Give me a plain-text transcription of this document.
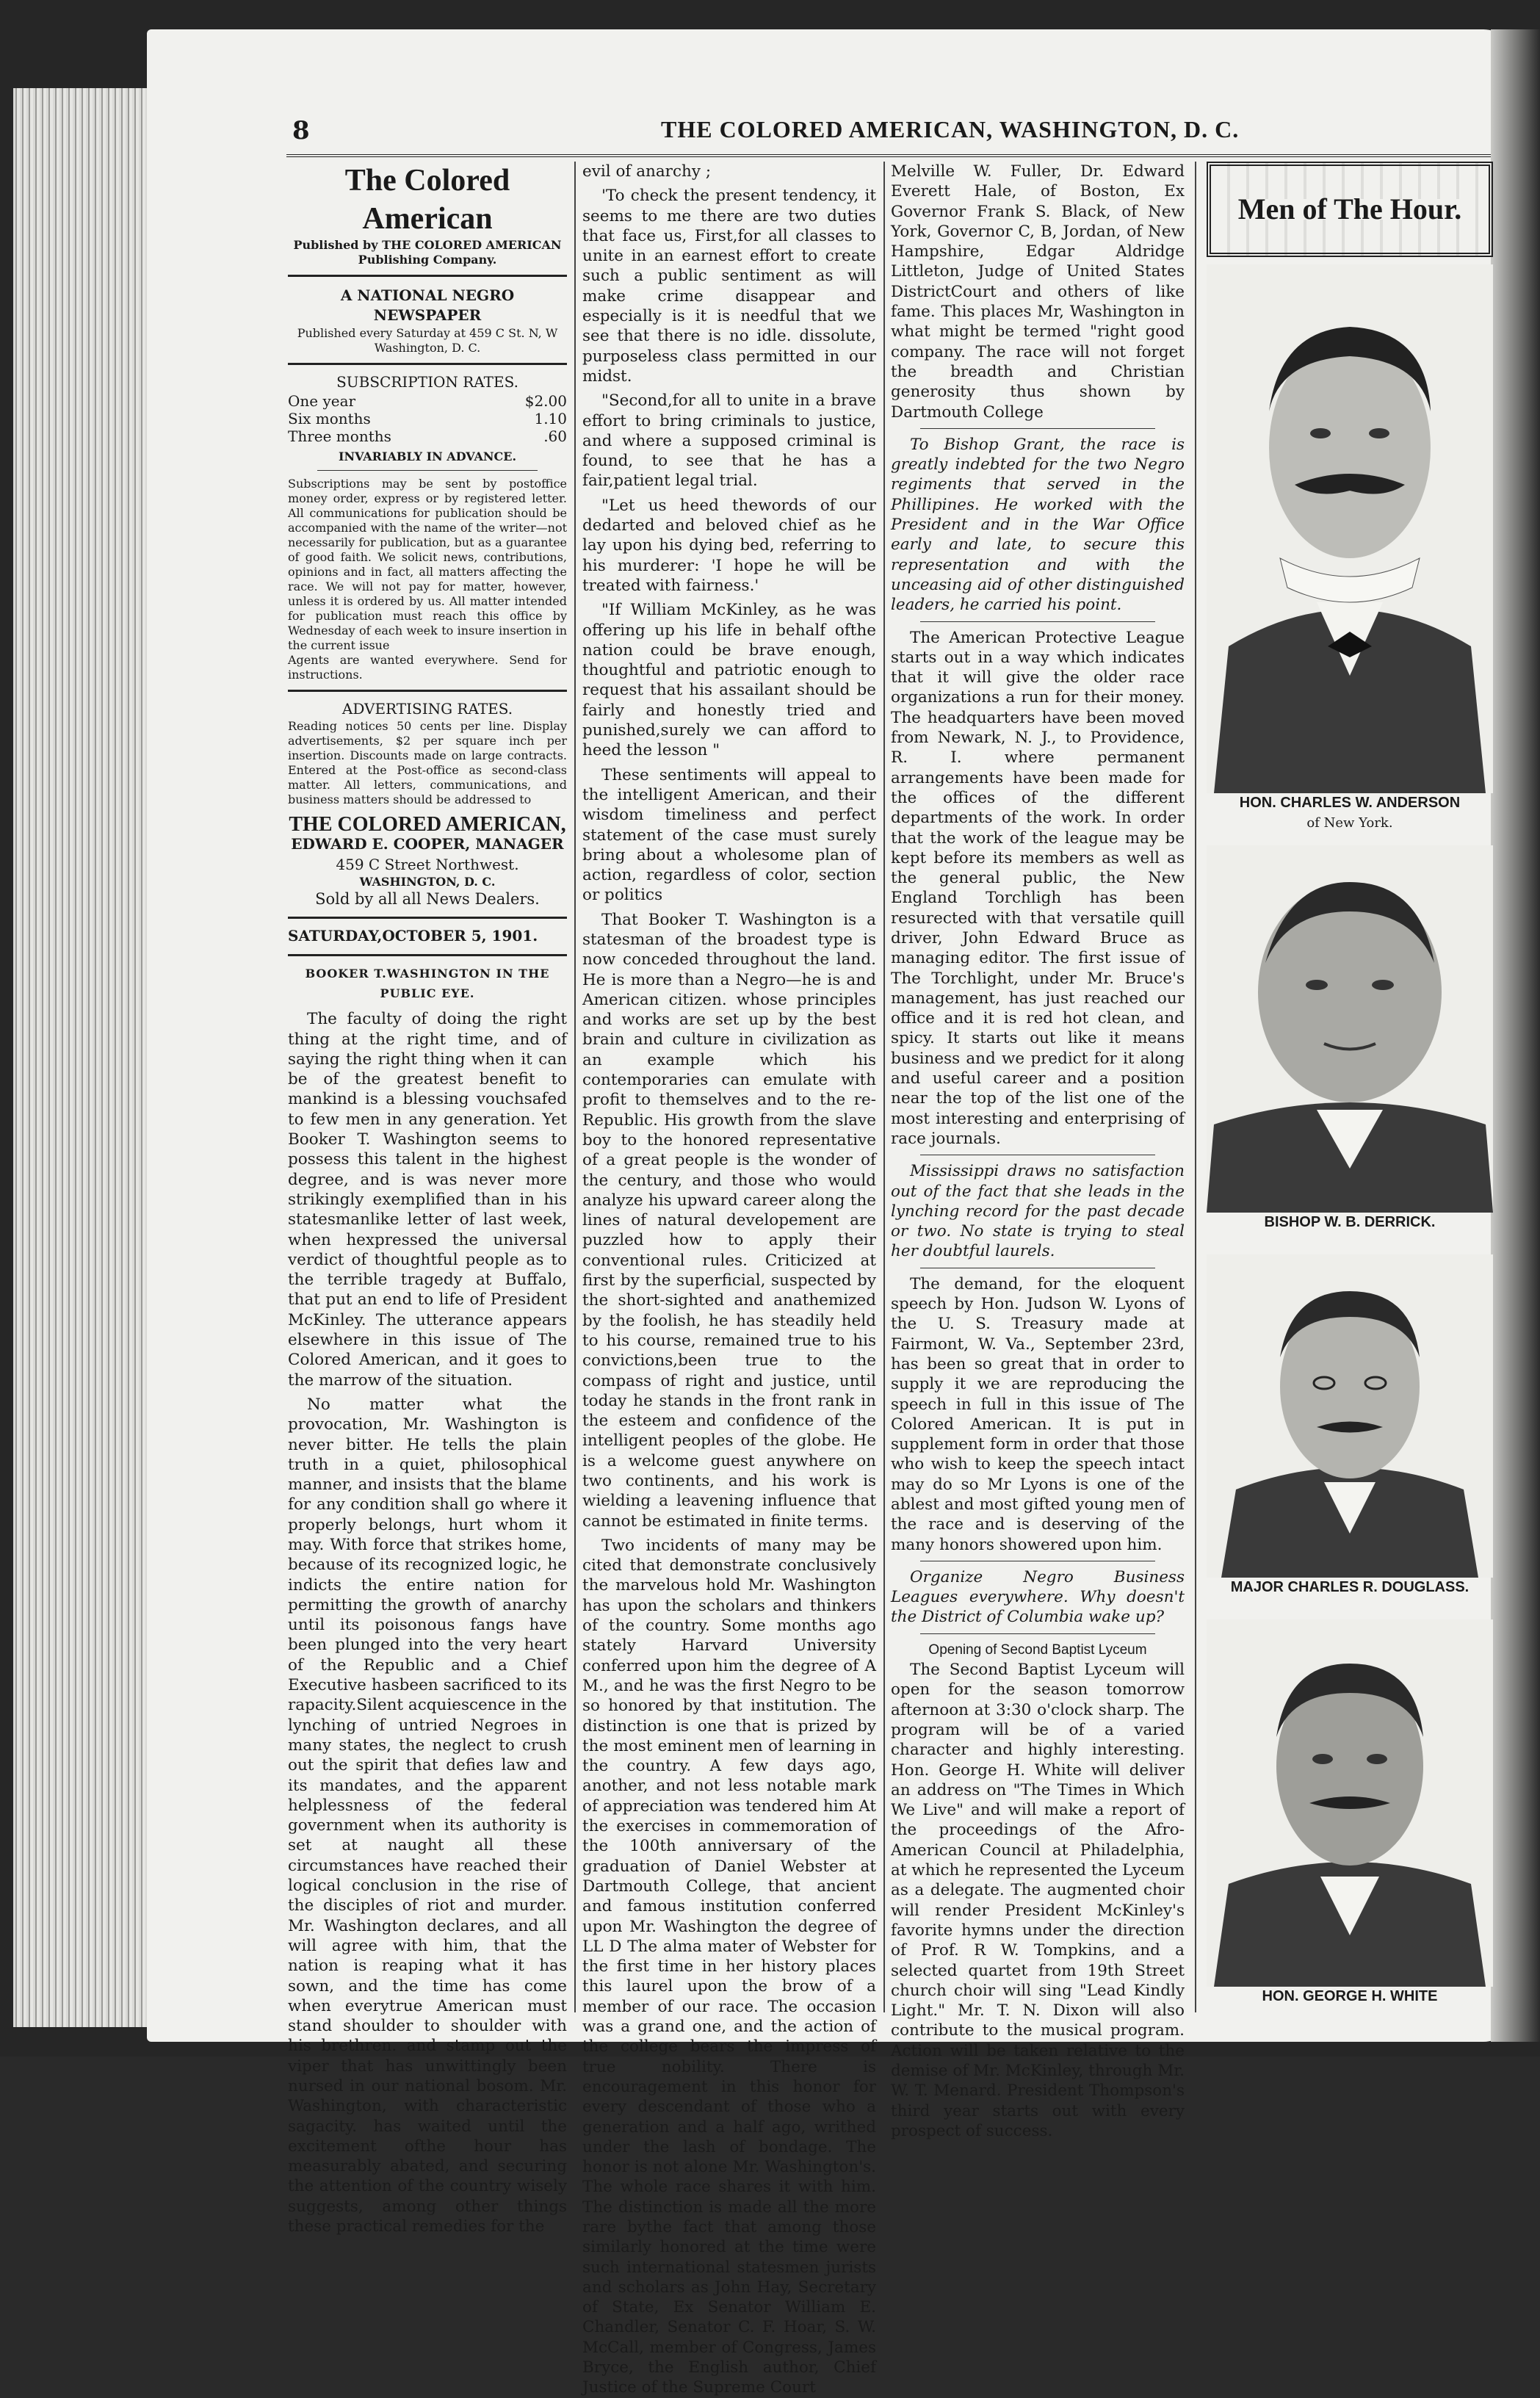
8	THE COLORED AMERICAN, WASHINGTON, D. C.
The Colored American
Published by THE COLORED AMERICAN Publishing Company.
A NATIONAL NEGRO NEWSPAPER
Published every Saturday at 459 C St. N, W Washington, D. C.
SUBSCRIPTION RATES.
One year	$2.00
Six months	1.10
Three months	.60
INVARIABLY IN ADVANCE.
Subscriptions may be sent by postoffice money order, express or by registered letter. All communications for publication should be accompanied with the name of the writer—not necessarily for publication, but as a guarantee of good faith. We solicit news, contributions, opinions and in fact, all matters affecting the race. We will not pay for matter, however, unless it is ordered by us. All matter intended for publication must reach this office by Wednesday of each week to insure insertion in the current issue
Agents are wanted everywhere. Send for instructions.
ADVERTISING RATES.
Reading notices 50 cents per line. Display advertisements, $2 per square inch per insertion. Discounts made on large contracts. Entered at the Post-office as second-class matter. All letters, communications, and business matters should be addressed to
THE COLORED AMERICAN,
EDWARD E. COOPER, MANAGER
459 C Street Northwest.
WASHINGTON, D. C.
Sold by all all News Dealers.
SATURDAY,OCTOBER 5, 1901.
BOOKER T.WASHINGTON IN THE PUBLIC EYE.

The faculty of doing the right thing at the right time, and of saying the right thing when it can be of the greatest benefit to mankind is a blessing vouchsafed to few men in any generation. Yet Booker T. Washington seems to possess this talent in the highest degree, and is was never more strikingly exemplified than in his statesmanlike letter of last week, when hexpressed the universal verdict of thoughtful people as to the terrible tragedy at Buffalo, that put an end to life of President McKinley. The utterance appears elsewhere in this issue of The Colored American, and it goes to the marrow of the situation.

No matter what the provocation, Mr. Washington is never bitter. He tells the plain truth in a quiet, philosophical manner, and insists that the blame for any condition shall go where it properly belongs, hurt whom it may. With force that strikes home, because of its recognized logic, he indicts the entire nation for permitting the growth of anarchy until its poisonous fangs have been plunged into the very heart of the Republic and a Chief Executive hasbeen sacrificed to its rapacity.Silent acquiescence in the lynching of untried Negroes in many states, the neglect to crush out the spirit that defies law and its mandates, and the apparent helplessness of the federal government when its authority is set at naught all these circumstances have reached their logical conclusion in the rise of the disciples of riot and murder. Mr. Washington declares, and all will agree with him, that the nation is reaping what it has sown, and the time has come when everytrue American must stand shoulder to shoulder with his brethren. and stamp out the viper that has unwittingly been nursed in our national bosom. Mr. Washington, with characteristic sagacity. has waited until the excitement ofthe hour has measurably abated, and securing the attention of the country wisely suggests, among other things these practical remedies for the

evil of anarchy ;

'To check the present tendency, it seems to me there are two duties that face us, First,for all classes to unite in an earnest effort to create such a public sentiment as will make crime disappear and especially is it is needful that we see that there is no idle. dissolute, purposeless class permitted in our midst.

"Second,for all to unite in a brave effort to bring criminals to justice, and where a supposed criminal is found, to see that he has a fair,patient legal trial.

"Let us heed thewords of our dedarted and beloved chief as he lay upon his dying bed, referring to his murderer: 'I hope he will be treated with fairness.'

"If William McKinley, as he was offering up his life in behalf ofthe nation could be brave enough, thoughtful and patriotic enough to request that his assailant should be fairly and honestly tried and punished,surely we can afford to heed the lesson "

These sentiments will appeal to the intelligent American, and their wisdom timeliness and perfect statement of the case must surely bring about a wholesome plan of action, regardless of color, section or politics

That Booker T. Washington is a statesman of the broadest type is now conceded throughout the land. He is more than a Negro—he is and American citizen. whose principles and works are set up by the best brain and culture in civilization as an example which his contemporaries can emulate with profit to themselves and to the re-Republic. His growth from the slave boy to the honored representative of a great people is the wonder of the century, and those who would analyze his upward career along the lines of natural developement are puzzled how to apply their conventional rules. Criticized at first by the superficial, suspected by the short-sighted and anathemized by the foolish, he has steadily held to his course, remained true to his convictions,been true to the compass of right and justice, until today he stands in the front rank in the esteem and confidence of the intelligent peoples of the globe. He is a welcome guest anywhere on two continents, and his work is wielding a leavening influence that cannot be estimated in finite terms.

Two incidents of many may be cited that demonstrate conclusively the marvelous hold Mr. Washington has upon the scholars and thinkers of the country. Some months ago stately Harvard University conferred upon him the degree of A M., and he was the first Negro to be so honored by that institution. The distinction is one that is prized by the most eminent men of learning in the country. A few days ago, another, and not less notable mark of appreciation was tendered him At the exercises in commemoration of the 100th anniversary of the graduation of Daniel Webster at Dartmouth College, that ancient and famous institution conferred upon Mr. Washington the degree of LL D The alma mater of Webster for the first time in her history places this laurel upon the brow of a member of our race. The occasion was a grand one, and the action of the college bears the impress of true nobility. There is encouragement in this honor for every descendant of those who a generation and a half ago, writhed under the lash of bondage. The honor is not alone Mr. Washington's. The whole race shares it with him. The distinction is made all the more rare bythe fact that among those similarly honored at the time were such international statesmen jurists and scholars as John Hay, Secretary of State, Ex Senator William E. Chandler, Senator C. F. Hoar, S. W. McCall, member of Congress, James Bryce, the English author, Chief Justice of the Supreme Court

Melville W. Fuller, Dr. Edward Everett Hale, of Boston, Ex Governor Frank S. Black, of New York, Governor C, B, Jordan, of New Hampshire, Edgar Aldridge Littleton, Judge of United States DistrictCourt and others of like fame. This places Mr, Washington in what might be termed "right good company. The race will not forget the breadth and Christian generosity thus shown by Dartmouth College

To Bishop Grant, the race is greatly indebted for the two Negro regiments that served in the Phillipines. He worked with the President and in the War Office early and late, to secure this representation and with the unceasing aid of other distinguished leaders, he carried his point.

The American Protective League starts out in a way which indicates that it will give the older race organizations a run for their money. The headquarters have been moved from Newark, N. J., to Providence, R. I. where permanent arrangements have been made for the offices of the different departments of the work. In order that the work of the league may be kept before its members as well as the general public, the New England Torchligh has been resurected with that versatile quill driver, John Edward Bruce as managing editor. The first issue of The Torchlight, under Mr. Bruce's management, has just reached our office and it is red hot clean, and spicy. It starts out like it means business and we predict for it along and useful career and a position near the top of the list one of the most interesting and enterprising of race journals.

Mississippi draws no satisfaction out of the fact that she leads in the lynching record for the past decade or two. No state is trying to steal her doubtful laurels.

The demand, for the eloquent speech by Hon. Judson W. Lyons of the U. S. Treasury made at Fairmont, W. Va., September 23rd, has been so great that in order to supply it we are reproducing the speech in full in this issue of The Colored American. It is put in supplement form in order that those who wish to keep the speech intact may do so Mr Lyons is one of the ablest and most gifted young men of the race and is deserving of the many honors showered upon him.

Organize Negro Business Leagues everywhere. Why doesn't the District of Columbia wake up?

Opening of Second Baptist Lyceum

The Second Baptist Lyceum will open for the season tomorrow afternoon at 3:30 o'clock sharp. The program will be of a varied character and highly interesting. Hon. George H. White will deliver an address on "The Times in Which We Live" and will make a report of the proceedings of the Afro-American Council at Philadelphia, at which he represented the Lyceum as a delegate. The augmented choir will render President McKinley's favorite hymns under the direction of Prof. R W. Tompkins, and a selected quartet from 19th Street church choir will sing "Lead Kindly Light." Mr. T. N. Dixon will also contribute to the musical program. Action will be taken relative to the demise of Mr. McKinley, through Mr. W. T. Menard. President Thompson's third year starts out with every prospect of success.

Men of The Hour.
HON. CHARLES W. ANDERSON
of New York.
BISHOP W. B. DERRICK.
MAJOR CHARLES R. DOUGLASS.
HON. GEORGE H. WHITE
